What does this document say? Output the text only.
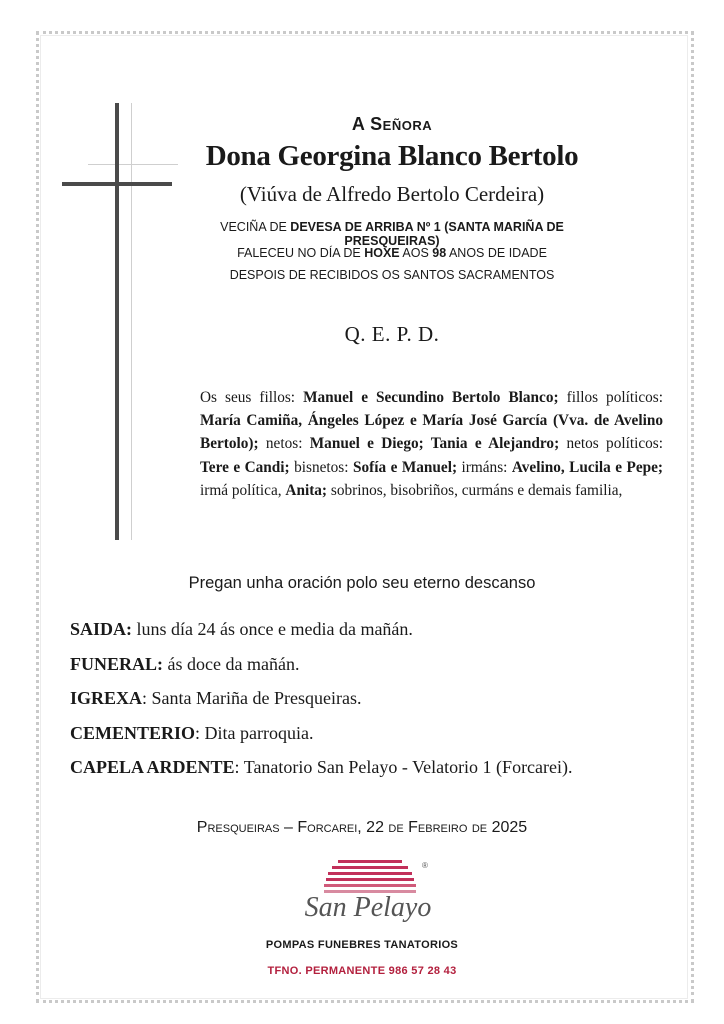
A Señora
Dona Georgina Blanco Bertolo
(Viúva de Alfredo Bertolo Cerdeira)
VECIÑA DE DEVESA DE ARRIBA Nº 1 (SANTA MARIÑA DE PRESQUEIRAS)
FALECEU NO DÍA DE HOXE AOS 98 ANOS DE IDADE
DESPOIS DE RECIBIDOS OS SANTOS SACRAMENTOS
Q. E. P. D.
Os seus fillos: Manuel e Secundino Bertolo Blanco; fillos políticos: María Camiña, Ángeles López e María José García (Vva. de Avelino Bertolo); netos: Manuel e Diego; Tania e Alejandro; netos políticos: Tere e Candi; bisnetos: Sofía e Manuel; irmáns: Avelino, Lucila e Pepe; irmá política, Anita; sobrinos, bisobriños, curmáns e demais familia,
Pregan unha oración polo seu eterno descanso
SAIDA: luns día 24 ás once e media da mañán.
FUNERAL: ás doce da mañán.
IGREXA: Santa Mariña de Presqueiras.
CEMENTERIO: Dita parroquia.
CAPELA ARDENTE: Tanatorio San Pelayo - Velatorio 1 (Forcarei).
Presqueiras – Forcarei, 22 de Febreiro de 2025
®
San Pelayo
POMPAS FUNEBRES TANATORIOS
TFNO. PERMANENTE 986 57 28 43
